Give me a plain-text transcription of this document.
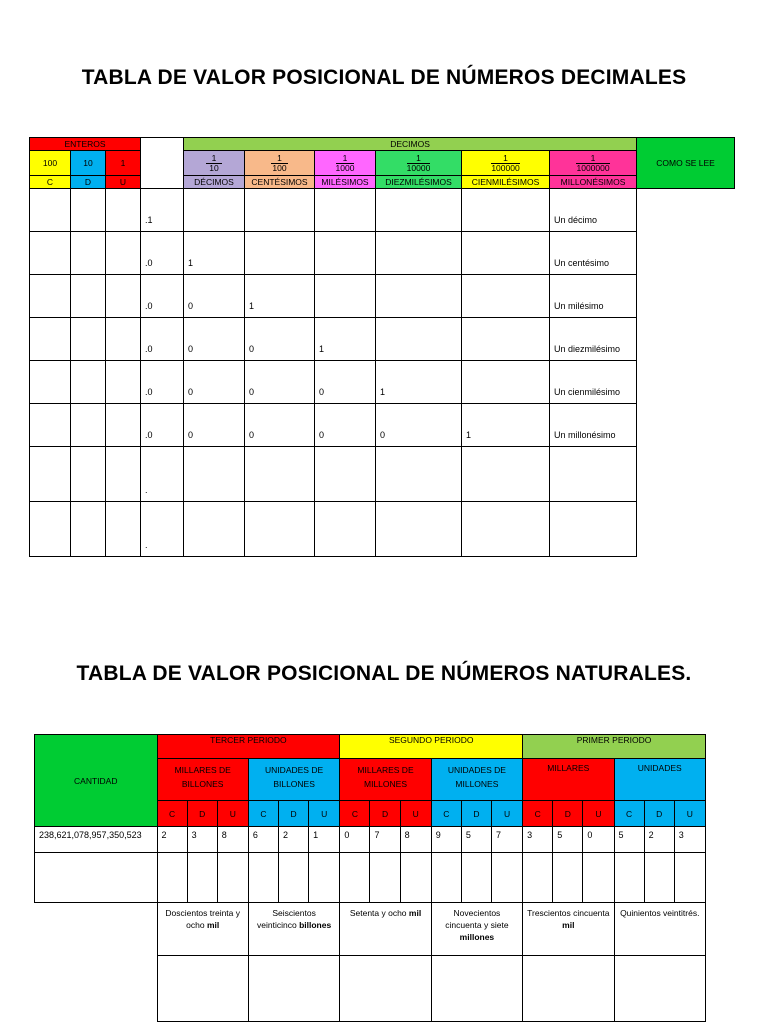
TABLA DE VALOR POSICIONAL DE NÚMEROS DECIMALES
ENTEROS				DECIMOS						COMO SE LEE
100	10	1		$\frac{1}{10}$	$\frac{1}{100}$	$\frac{1}{1000}$	$\frac{1}{10000}$	$\frac{1}{100000}$	$\frac{1}{1000000}$

C	D	U		DÉCIMOS	CENTÉSIMOS	MILÉSIMOS	DIEZMILÉSIMOS	CIENMILÉSIMOS	MILLONÉSIMOS	
			.1						Un décimo	
			.0	1					Un centésimo	
			.0	0	1				Un milésimo	
			.0	0	0	1			Un diezmilésimo	
			.0	0	0	0	1		Un cienmilésimo	
			.0	0	0	0	0	1	Un millonésimo	
			.							
			.							
TABLA DE VALOR POSICIONAL DE NÚMEROS NATURALES.
CANTIDAD	TERCER PERIODO						SEGUNDO PERIODO						PRIMER PERIODO					
	MILLARES DE BILLONES			UNIDADES DE BILLONES			MILLARES DE MILLONES			UNIDADES DE MILLONES			MILLARES			UNIDADES		
	C	D	U	C	D	U	C	D	U	C	D	U	C	D	U	C	D	U
238,621,078,957,350,523	2	3	8	6	2	1	0	7	8	9	5	7	3	5	0	5	2	3

	Doscientos treinta y ocho mil			Seiscientos veinticinco billones			Setenta y ocho mil			Novecientos cincuenta y siete millones			Trescientos cincuenta mil			Quinientos veintitrés.		
